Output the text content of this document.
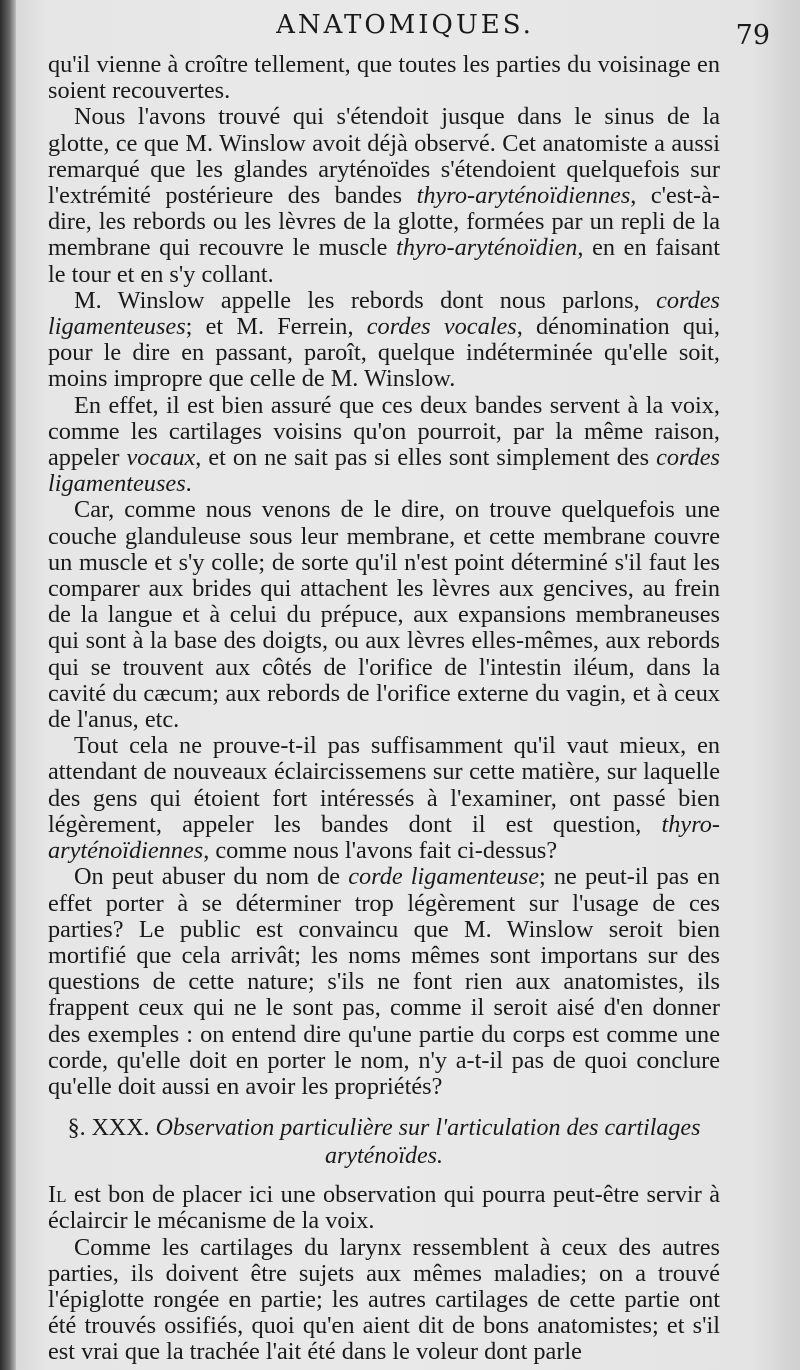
ANATOMIQUES.	79

qu'il vienne à croître tellement, que toutes les parties du voisinage en soient recouvertes.

Nous l'avons trouvé qui s'étendoit jusque dans le sinus de la glotte, ce que M. Winslow avoit déjà observé. Cet anatomiste a aussi remarqué que les glandes aryténoïdes s'étendoient quelquefois sur l'extrémité postérieure des bandes thyro-aryténoïdiennes, c'est-à-dire, les rebords ou les lèvres de la glotte, formées par un repli de la membrane qui recouvre le muscle thyro-aryténoïdien, en en faisant le tour et en s'y collant.

M. Winslow appelle les rebords dont nous parlons, cordes ligamenteuses; et M. Ferrein, cordes vocales, dénomination qui, pour le dire en passant, paroît, quelque indéterminée qu'elle soit, moins impropre que celle de M. Winslow.

En effet, il est bien assuré que ces deux bandes servent à la voix, comme les cartilages voisins qu'on pourroit, par la même raison, appeler vocaux, et on ne sait pas si elles sont simplement des cordes ligamenteuses.

Car, comme nous venons de le dire, on trouve quelquefois une couche glanduleuse sous leur membrane, et cette membrane couvre un muscle et s'y colle; de sorte qu'il n'est point déterminé s'il faut les comparer aux brides qui attachent les lèvres aux gencives, au frein de la langue et à celui du prépuce, aux expansions membraneuses qui sont à la base des doigts, ou aux lèvres elles-mêmes, aux rebords qui se trouvent aux côtés de l'orifice de l'intestin iléum, dans la cavité du cæcum; aux rebords de l'orifice externe du vagin, et à ceux de l'anus, etc.

Tout cela ne prouve-t-il pas suffisamment qu'il vaut mieux, en attendant de nouveaux éclaircissemens sur cette matière, sur laquelle des gens qui étoient fort intéressés à l'examiner, ont passé bien légèrement, appeler les bandes dont il est question, thyro-aryténoïdiennes, comme nous l'avons fait ci-dessus?

On peut abuser du nom de corde ligamenteuse; ne peut-il pas en effet porter à se déterminer trop légèrement sur l'usage de ces parties? Le public est convaincu que M. Winslow seroit bien mortifié que cela arrivât; les noms mêmes sont importans sur des questions de cette nature; s'ils ne font rien aux anatomistes, ils frappent ceux qui ne le sont pas, comme il seroit aisé d'en donner des exemples : on entend dire qu'une partie du corps est comme une corde, qu'elle doit en porter le nom, n'y a-t-il pas de quoi conclure qu'elle doit aussi en avoir les propriétés?

§. XXX. Observation particulière sur l'articulation des cartilages aryténoïdes.

Il est bon de placer ici une observation qui pourra peut-être servir à éclaircir le mécanisme de la voix.

Comme les cartilages du larynx ressemblent à ceux des autres parties, ils doivent être sujets aux mêmes maladies; on a trouvé l'épiglotte rongée en partie; les autres cartilages de cette partie ont été trouvés ossifiés, quoi qu'en aient dit de bons anatomistes; et s'il est vrai que la trachée l'ait été dans le voleur dont parle
